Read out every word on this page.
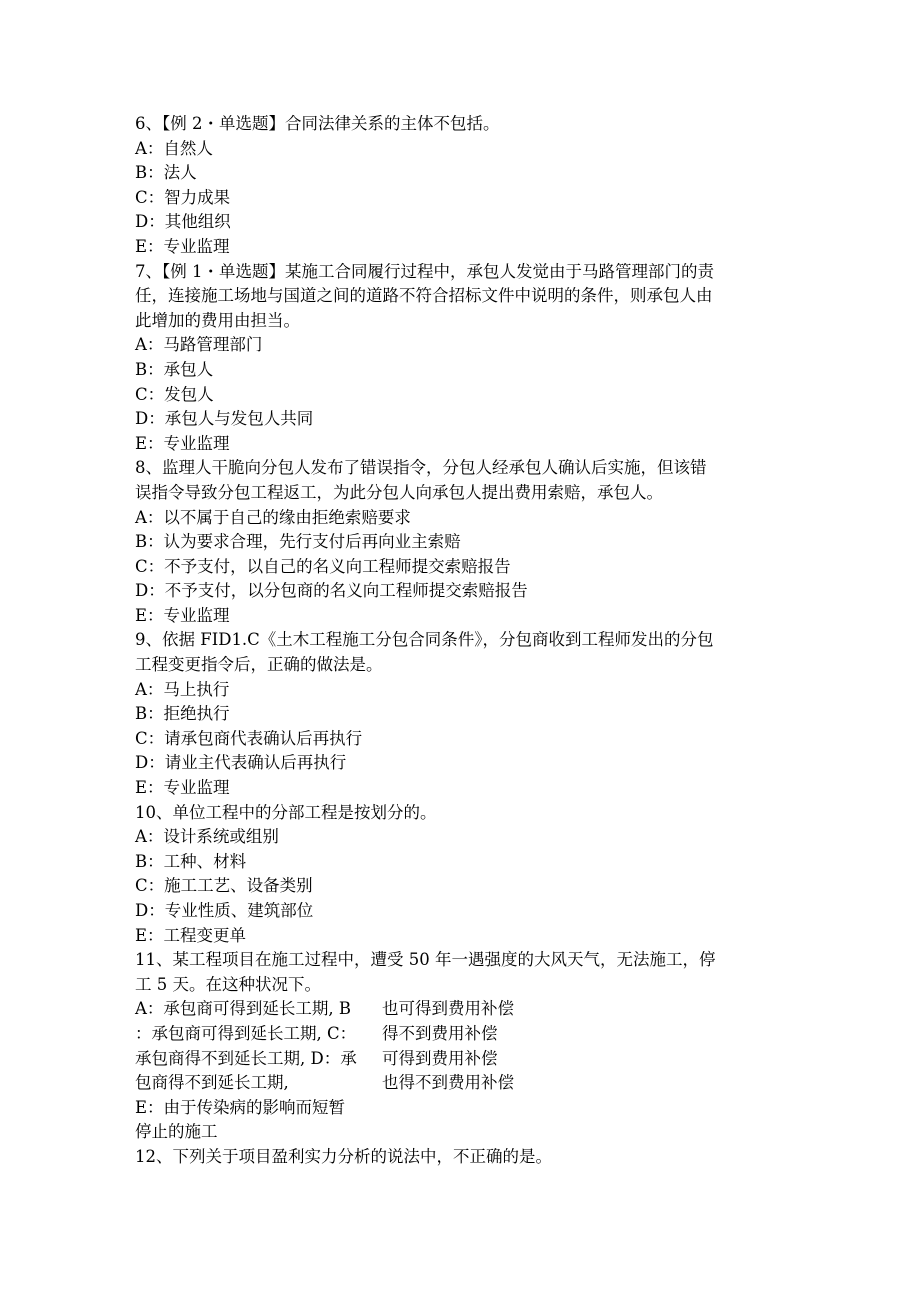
6、【例 2・单选题】合同法律关系的主体不包括。
A：自然人
B：法人
C：智力成果
D：其他组织
E：专业监理
7、【例 1・单选题】某施工合同履行过程中，承包人发觉由于马路管理部门的责
任，连接施工场地与国道之间的道路不符合招标文件中说明的条件，则承包人由
此增加的费用由担当。
A：马路管理部门
B：承包人
C：发包人
D：承包人与发包人共同
E：专业监理
8、监理人干脆向分包人发布了错误指令，分包人经承包人确认后实施，但该错
误指令导致分包工程返工，为此分包人向承包人提出费用索赔，承包人。
A：以不属于自己的缘由拒绝索赔要求
B：认为要求合理，先行支付后再向业主索赔
C：不予支付，以自己的名义向工程师提交索赔报告
D：不予支付，以分包商的名义向工程师提交索赔报告
E：专业监理
9、依据 FID1.C《土木工程施工分包合同条件》，分包商收到工程师发出的分包
工程变更指令后，正确的做法是。
A：马上执行
B：拒绝执行
C：请承包商代表确认后再执行
D：请业主代表确认后再执行
E：专业监理
10、单位工程中的分部工程是按划分的。
A：设计系统或组别
B：工种、材料
C：施工工艺、设备类别
D：专业性质、建筑部位
E：工程变更单
11、某工程项目在施工过程中，遭受 50 年一遇强度的大风天气，无法施工，停
工 5 天。在这种状况下。
A：承包商可得到延长工期, B
：承包商可得到延长工期, C：
承包商得不到延长工期, D：承
包商得不到延长工期,
也可得到费用补偿
得不到费用补偿
可得到费用补偿
也得不到费用补偿
E：由于传染病的影响而短暂
停止的施工
12、下列关于项目盈利实力分析的说法中，不正确的是。
